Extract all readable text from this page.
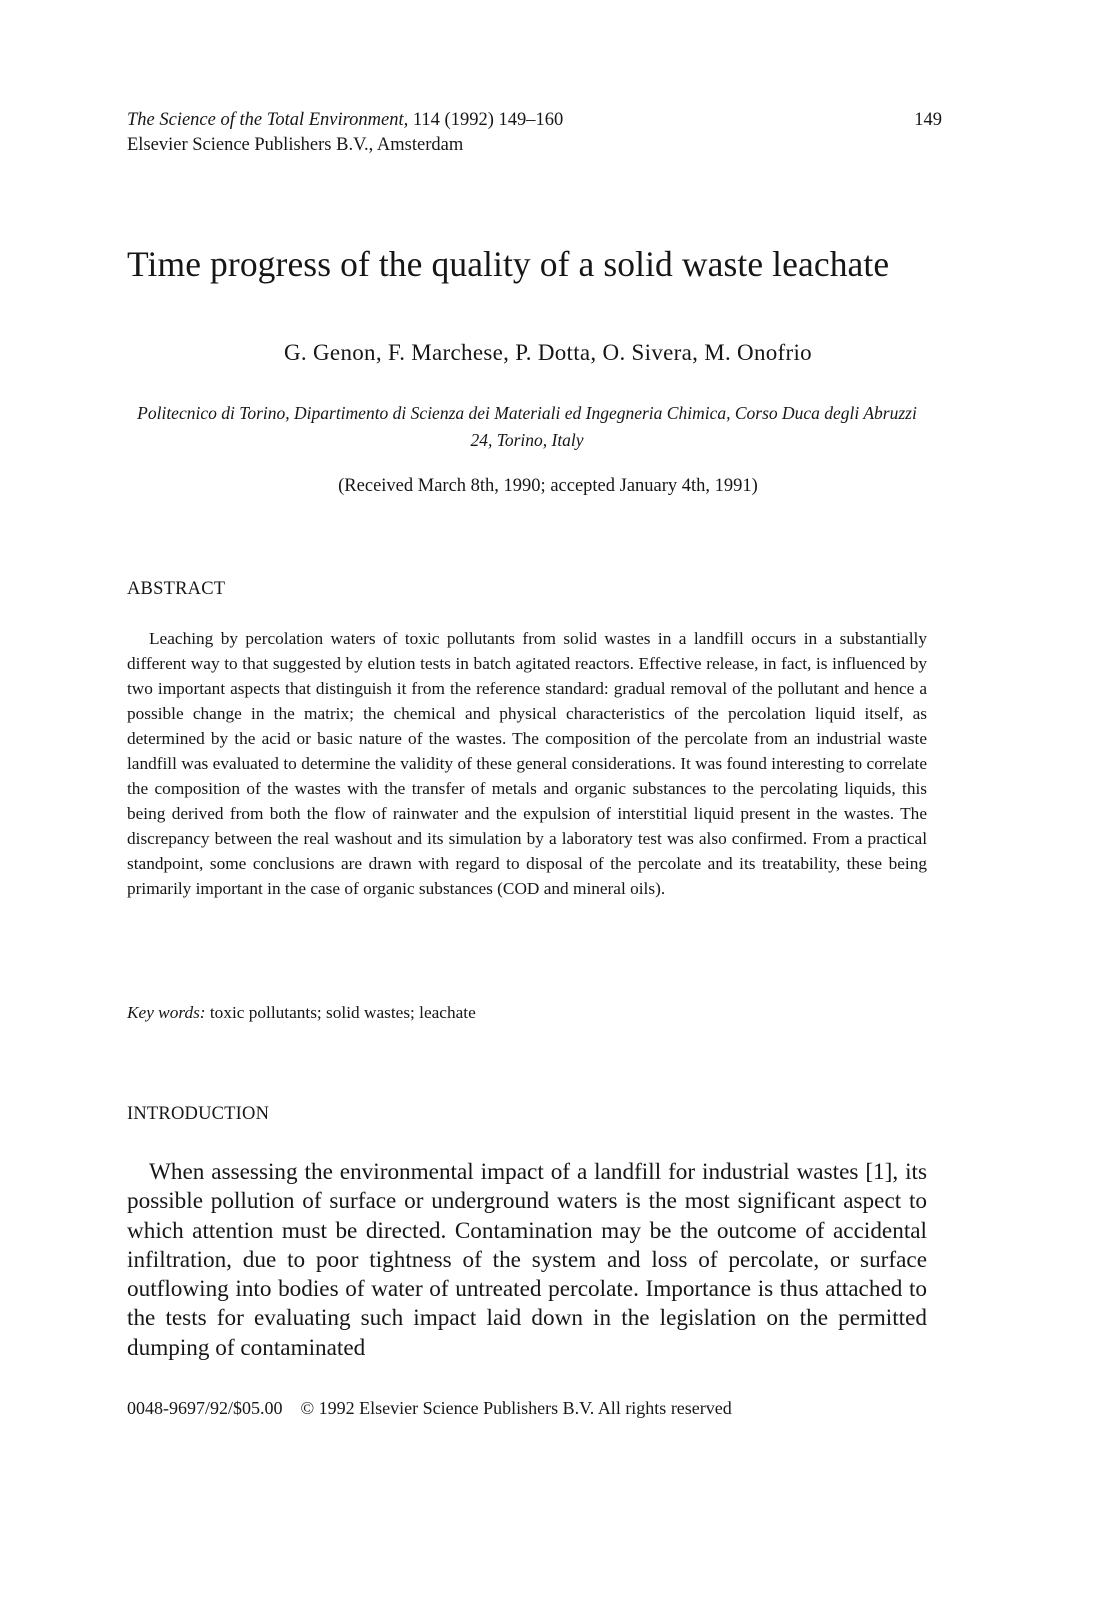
The Science of the Total Environment, 114 (1992) 149–160
Elsevier Science Publishers B.V., Amsterdam
149
Time progress of the quality of a solid waste leachate
G. Genon, F. Marchese, P. Dotta, O. Sivera, M. Onofrio
Politecnico di Torino, Dipartimento di Scienza dei Materiali ed Ingegneria Chimica, Corso Duca degli Abruzzi 24, Torino, Italy
(Received March 8th, 1990; accepted January 4th, 1991)
ABSTRACT
Leaching by percolation waters of toxic pollutants from solid wastes in a landfill occurs in a substantially different way to that suggested by elution tests in batch agitated reactors. Effective release, in fact, is influenced by two important aspects that distinguish it from the reference standard: gradual removal of the pollutant and hence a possible change in the matrix; the chemical and physical characteristics of the percolation liquid itself, as determined by the acid or basic nature of the wastes. The composition of the percolate from an industrial waste landfill was evaluated to determine the validity of these general considerations. It was found interesting to correlate the composition of the wastes with the transfer of metals and organic substances to the percolating liquids, this being derived from both the flow of rainwater and the expulsion of interstitial liquid present in the wastes. The discrepancy between the real washout and its simulation by a laboratory test was also confirmed. From a practical standpoint, some conclusions are drawn with regard to disposal of the percolate and its treatability, these being primarily important in the case of organic substances (COD and mineral oils).
Key words: toxic pollutants; solid wastes; leachate
INTRODUCTION
When assessing the environmental impact of a landfill for industrial wastes [1], its possible pollution of surface or underground waters is the most significant aspect to which attention must be directed. Contamination may be the outcome of accidental infiltration, due to poor tightness of the system and loss of percolate, or surface outflowing into bodies of water of untreated percolate. Importance is thus attached to the tests for evaluating such impact laid down in the legislation on the permitted dumping of contaminated
0048-9697/92/$05.00    © 1992 Elsevier Science Publishers B.V. All rights reserved
